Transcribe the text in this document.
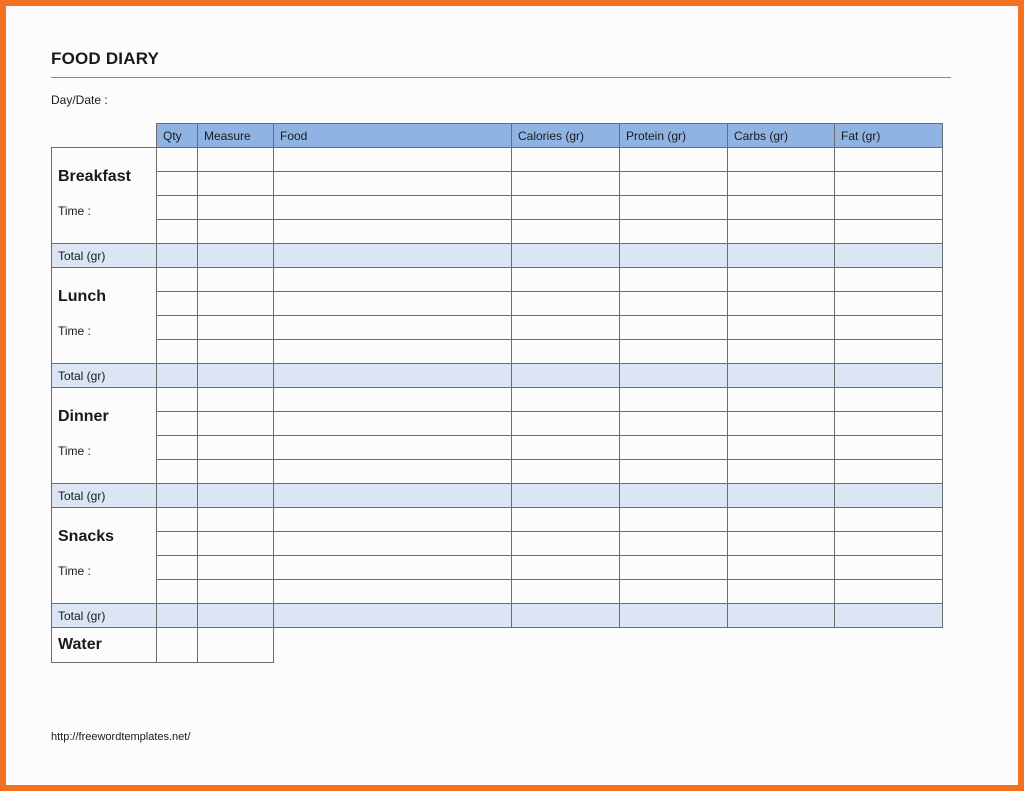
FOOD DIARY
Day/Date :
	Qty	Measure	Food	Calories (gr)	Protein (gr)	Carbs (gr)	Fat (gr)

Breakfast
Time :							

Total (gr)							

Lunch
Time :							

Total (gr)							

Dinner
Time :							

Total (gr)							

Snacks
Time :							

Total (gr)							
Water							
http://freewordtemplates.net/
